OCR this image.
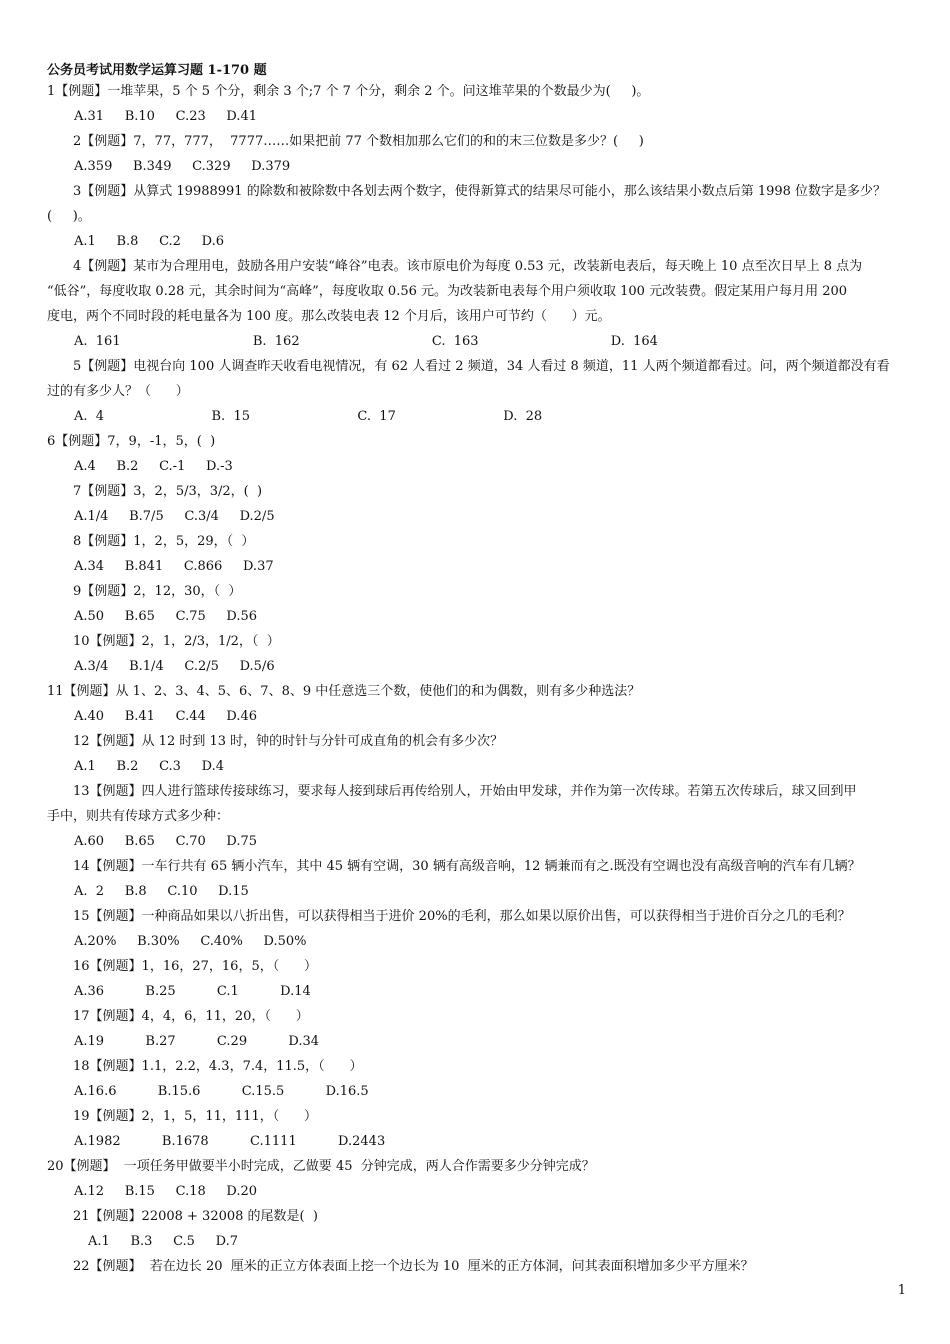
公务员考试用数学运算习题 1-170 题
1【例题】一堆苹果，5 个 5 个分，剩余 3 个;7 个 7 个分，剩余 2 个。问这堆苹果的个数最少为(     )。
A.31     B.10     C.23     D.41
2【例题】7，77，777，  7777……如果把前 77 个数相加那么它们的和的末三位数是多少？(     )
A.359     B.349     C.329     D.379
3【例题】从算式 19988991 的除数和被除数中各划去两个数字，使得新算式的结果尽可能小，那么该结果小数点后第 1998 位数字是多少？
(     )。
A.1     B.8     C.2     D.6
4【例题】某市为合理用电，鼓励各用户安装“峰谷”电表。该市原电价为每度 0.53 元，改装新电表后，每天晚上 10 点至次日早上 8 点为
“低谷”，每度收取 0.28 元，其余时间为“高峰”，每度收取 0.56 元。为改装新电表每个用户须收取 100 元改装费。假定某用户每月用 200
度电，两个不同时段的耗电量各为 100 度。那么改装电表 12 个月后，该用户可节约（      ）元。
A.  161                                B.  162                                C.  163                                D.  164
5【例题】电视台向 100 人调查昨天收看电视情况，有 62 人看过 2 频道，34 人看过 8 频道，11 人两个频道都看过。问，两个频道都没有看
过的有多少人？（      ）
A.  4                          B.  15                          C.  17                          D.  28
6【例题】7，9，-1，5，(  )
A.4     B.2     C.-1     D.-3
7【例题】3，2，5/3，3/2，(  )
A.1/4     B.7/5     C.3/4     D.2/5
8【例题】1，2，5，29，（  ）
A.34     B.841     C.866     D.37
9【例题】2，12，30，（  ）
A.50     B.65     C.75     D.56
10【例题】2，1，2/3，1/2，（  ）
A.3/4     B.1/4     C.2/5     D.5/6
11【例题】从 1、2、3、4、5、6、7、8、9 中任意选三个数，使他们的和为偶数，则有多少种选法？
A.40     B.41     C.44     D.46
12【例题】从 12 时到 13 时，钟的时针与分针可成直角的机会有多少次？
A.1     B.2     C.3     D.4
13【例题】四人进行篮球传接球练习，要求每人接到球后再传给别人，开始由甲发球，并作为第一次传球。若第五次传球后，球又回到甲
手中，则共有传球方式多少种：
A.60     B.65     C.70     D.75
14【例题】一车行共有 65 辆小汽车，其中 45 辆有空调，30 辆有高级音响，12 辆兼而有之.既没有空调也没有高级音响的汽车有几辆？
A.  2     B.8     C.10     D.15
15【例题】一种商品如果以八折出售，可以获得相当于进价 20%的毛利，那么如果以原价出售，可以获得相当于进价百分之几的毛利？
A.20%     B.30%     C.40%     D.50%
16【例题】1，16，27，16，5，（      ）
A.36          B.25          C.1          D.14
17【例题】4，4，6，11，20，（      ）
A.19          B.27          C.29          D.34
18【例题】1.1，2.2，4.3，7.4，11.5，（      ）
A.16.6          B.15.6          C.15.5          D.16.5
19【例题】2，1，5，11，111，（      ）
A.1982          B.1678          C.1111          D.2443
20【例题】  一项任务甲做要半小时完成，乙做要 45  分钟完成，两人合作需要多少分钟完成？
A.12     B.15     C.18     D.20
21【例题】22008 + 32008 的尾数是(  )
A.1     B.3     C.5     D.7
22【例题】  若在边长 20  厘米的正立方体表面上挖一个边长为 10  厘米的正方体洞，问其表面积增加多少平方厘米？
1
